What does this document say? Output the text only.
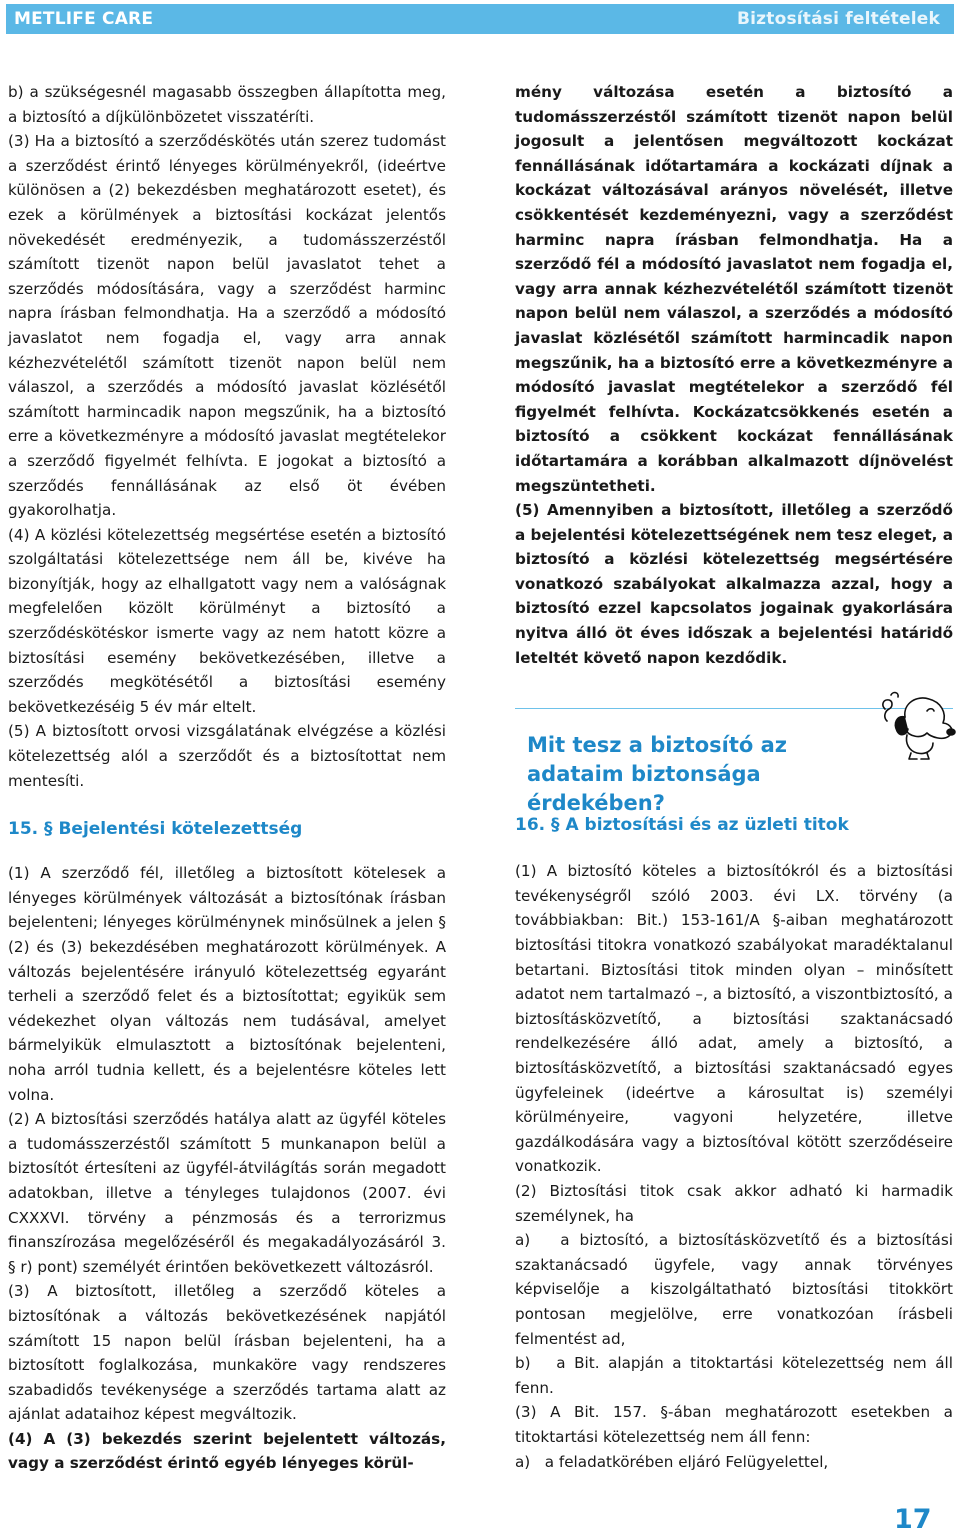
METLIFE CARE	Biztosítási feltételek

b) a szükségesnél magasabb összegben állapította meg, a biztosító a díjkülönbözetet visszatéríti.

(3) Ha a biztosító a szerződéskötés után szerez tudomást a szerződést érintő lényeges körülményekről, (ideértve különösen a (2) bekezdésben meghatározott esetet), és ezek a körülmények a biztosítási kockázat jelentős növekedését eredményezik, a tudomásszerzéstől számított tizenöt napon belül javaslatot tehet a szerződés módosítására, vagy a szerződést harminc napra írásban felmondhatja. Ha a szerződő a módosító javaslatot nem fogadja el, vagy arra annak kézhezvételétől számított tizenöt napon belül nem válaszol, a szerződés a módosító javaslat közlésétől számított harmincadik napon megszűnik, ha a biztosító erre a következményre a módosító javaslat megtételekor a szerződő figyelmét felhívta. E jogokat a biztosító a szerződés fennállásának az első öt évében gyakorolhatja.

(4) A közlési kötelezettség megsértése esetén a biztosító szolgáltatási kötelezettsége nem áll be, kivéve ha bizonyítják, hogy az elhallgatott vagy nem a valóságnak megfelelően közölt körülményt a biztosító a szerződéskötéskor ismerte vagy az nem hatott közre a biztosítási esemény bekövetkezésében, illetve a szerződés megkötésétől a biztosítási esemény bekövetkezéséig 5 év már eltelt.

(5) A biztosított orvosi vizsgálatának elvégzése a közlési kötelezettség alól a szerződőt és a biztosítottat nem mentesíti.

15. § Bejelentési kötelezettség

(1) A szerződő fél, illetőleg a biztosított kötelesek a lényeges körülmények változását a biztosítónak írásban bejelenteni; lényeges körülménynek minősülnek a jelen § (2) és (3) bekezdésében meghatározott körülmények. A változás bejelentésére irányuló kötelezettség egyaránt terheli a szerződő felet és a biztosítottat; egyikük sem védekezhet olyan változás nem tudásával, amelyet bármelyikük elmulasztott a biztosítónak bejelenteni, noha arról tudnia kellett, és a bejelentésre köteles lett volna.

(2) A biztosítási szerződés hatálya alatt az ügyfél köteles a tudomásszerzéstől számított 5 munkanapon belül a biztosítót értesíteni az ügyfél-átvilágítás során megadott adatokban, illetve a tényleges tulajdonos (2007. évi CXXXVI. törvény a pénzmosás és a terrorizmus finanszírozása megelőzéséről és megakadályozásáról 3. § r) pont) személyét érintően bekövetkezett változásról.

(3) A biztosított, illetőleg a szerződő köteles a biztosítónak a változás bekövetkezésének napjától számított 15 napon belül írásban bejelenteni, ha a biztosított foglalkozása, munkaköre vagy rendszeres szabadidős tevékenysége a szerződés tartama alatt az ajánlat adataihoz képest megváltozik.

(4) A (3) bekezdés szerint bejelentett változás, vagy a szerződést érintő egyéb lényeges körül-

mény változása esetén a biztosító a tudomásszerzéstől számított tizenöt napon belül jogosult a jelentősen megváltozott kockázat fennállásának időtartamára a kockázati díjnak a kockázat változásával arányos növelését, illetve csökkentését kezdeményezni, vagy a szerződést harminc napra írásban felmondhatja. Ha a szerződő fél a módosító javaslatot nem fogadja el, vagy arra annak kézhezvételétől számított tizenöt napon belül nem válaszol, a szerződés a módosító javaslat közlésétől számított harmincadik napon megszűnik, ha a biztosító erre a következményre a módosító javaslat megtételekor a szerződő fél figyelmét felhívta. Kockázatcsökkenés esetén a biztosító a csökkent kockázat fennállásának időtartamára a korábban alkalmazott díjnövelést megszüntetheti.

(5) Amennyiben a biztosított, illetőleg a szerződő a bejelentési kötelezettségének nem tesz eleget, a biztosító a közlési kötelezettség megsértésére vonatkozó szabályokat alkalmazza azzal, hogy a biztosító ezzel kapcsolatos jogainak gyakorlására nyitva álló öt éves időszak a bejelentési határidő leteltét követő napon kezdődik.

Mit tesz a biztosító az adataim biztonsága érdekében?
16. § A biztosítási és az üzleti titok

(1) A biztosító köteles a biztosítókról és a biztosítási tevékenységről szóló 2003. évi LX. törvény (a továbbiakban: Bit.) 153-161/A §-aiban meghatározott biztosítási titokra vonatkozó szabályokat maradéktalanul betartani. Biztosítási titok minden olyan – minősített adatot nem tartalmazó –, a biztosító, a viszontbiztosító, a biztosításközvetítő, a biztosítási szaktanácsadó rendelkezésére álló adat, amely a biztosító, a biztosításközvetítő, a biztosítási szaktanácsadó egyes ügyfeleinek (ideértve a károsultat is) személyi körülményeire, vagyoni helyzetére, illetve gazdálkodására vagy a biztosítóval kötött szerződéseire vonatkozik.

(2) Biztosítási titok csak akkor adható ki harmadik személynek, ha

a)   a biztosító, a biztosításközvetítő és a biztosítási szaktanácsadó ügyfele, vagy annak törvényes képviselője a kiszolgáltatható biztosítási titokkört pontosan megjelölve, erre vonatkozóan írásbeli felmentést ad,

b)   a Bit. alapján a titoktartási kötelezettség nem áll fenn.

(3) A Bit. 157. §-ában meghatározott esetekben a titoktartási kötelezettség nem áll fenn:

a)   a feladatkörében eljáró Felügyelettel,

17
